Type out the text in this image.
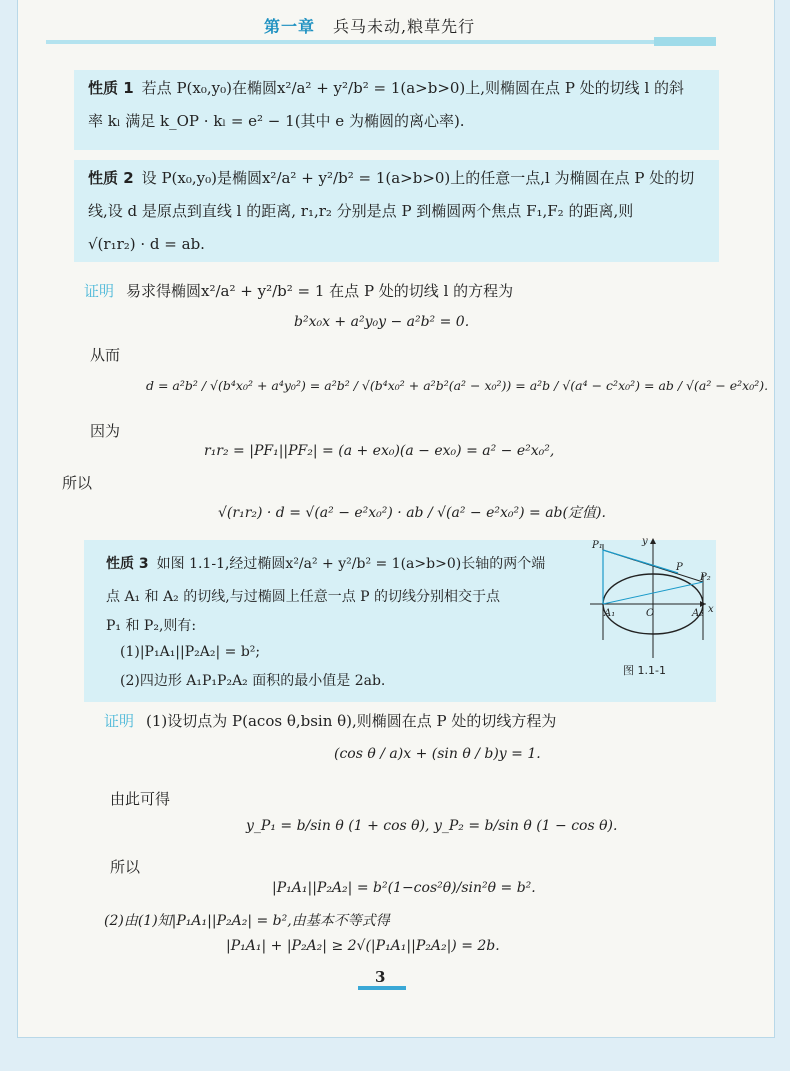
第一章 兵马未动,粮草先行
性质 1 若点 P(x₀,y₀)在椭圆x²/a² + y²/b² = 1(a>b>0)上,则椭圆在点 P 处的切线 l 的斜
率 kₗ 满足 k_OP · kₗ = e² − 1(其中 e 为椭圆的离心率).
性质 2 设 P(x₀,y₀)是椭圆x²/a² + y²/b² = 1(a>b>0)上的任意一点,l 为椭圆在点 P 处的切
线,设 d 是原点到直线 l 的距离, r₁,r₂ 分别是点 P 到椭圆两个焦点 F₁,F₂ 的距离,则
√(r₁r₂) · d = ab.
证明 易求得椭圆x²/a² + y²/b² = 1 在点 P 处的切线 l 的方程为
b²x₀x + a²y₀y − a²b² = 0.
从而
d = a²b² / √(b⁴x₀² + a⁴y₀²) = a²b² / √(b⁴x₀² + a²b²(a² − x₀²)) = a²b / √(a⁴ − c²x₀²) = ab / √(a² − e²x₀²).
因为
r₁r₂ = |PF₁||PF₂| = (a + ex₀)(a − ex₀) = a² − e²x₀²,
所以
√(r₁r₂) · d = √(a² − e²x₀²) · ab / √(a² − e²x₀²) = ab(定值).
性质 3 如图 1.1-1,经过椭圆x²/a² + y²/b² = 1(a>b>0)长轴的两个端
点 A₁ 和 A₂ 的切线,与过椭圆上任意一点 P 的切线分别相交于点
P₁ 和 P₂,则有:
(1)|P₁A₁||P₂A₂| = b²;
(2)四边形 A₁P₁P₂A₂ 面积的最小值是 2ab.
P₁	y
P
P₂
A₁	O	A₂ x
图 1.1-1
证明 (1)设切点为 P(acos θ,bsin θ),则椭圆在点 P 处的切线方程为
(cos θ / a)x + (sin θ / b)y = 1.
由此可得
y_P₁ = b/sin θ (1 + cos θ), y_P₂ = b/sin θ (1 − cos θ).
所以
|P₁A₁||P₂A₂| = b²(1−cos²θ)/sin²θ = b².
(2)由(1)知|P₁A₁||P₂A₂| = b²,由基本不等式得
|P₁A₁| + |P₂A₂| ≥ 2√(|P₁A₁||P₂A₂|) = 2b.
3
